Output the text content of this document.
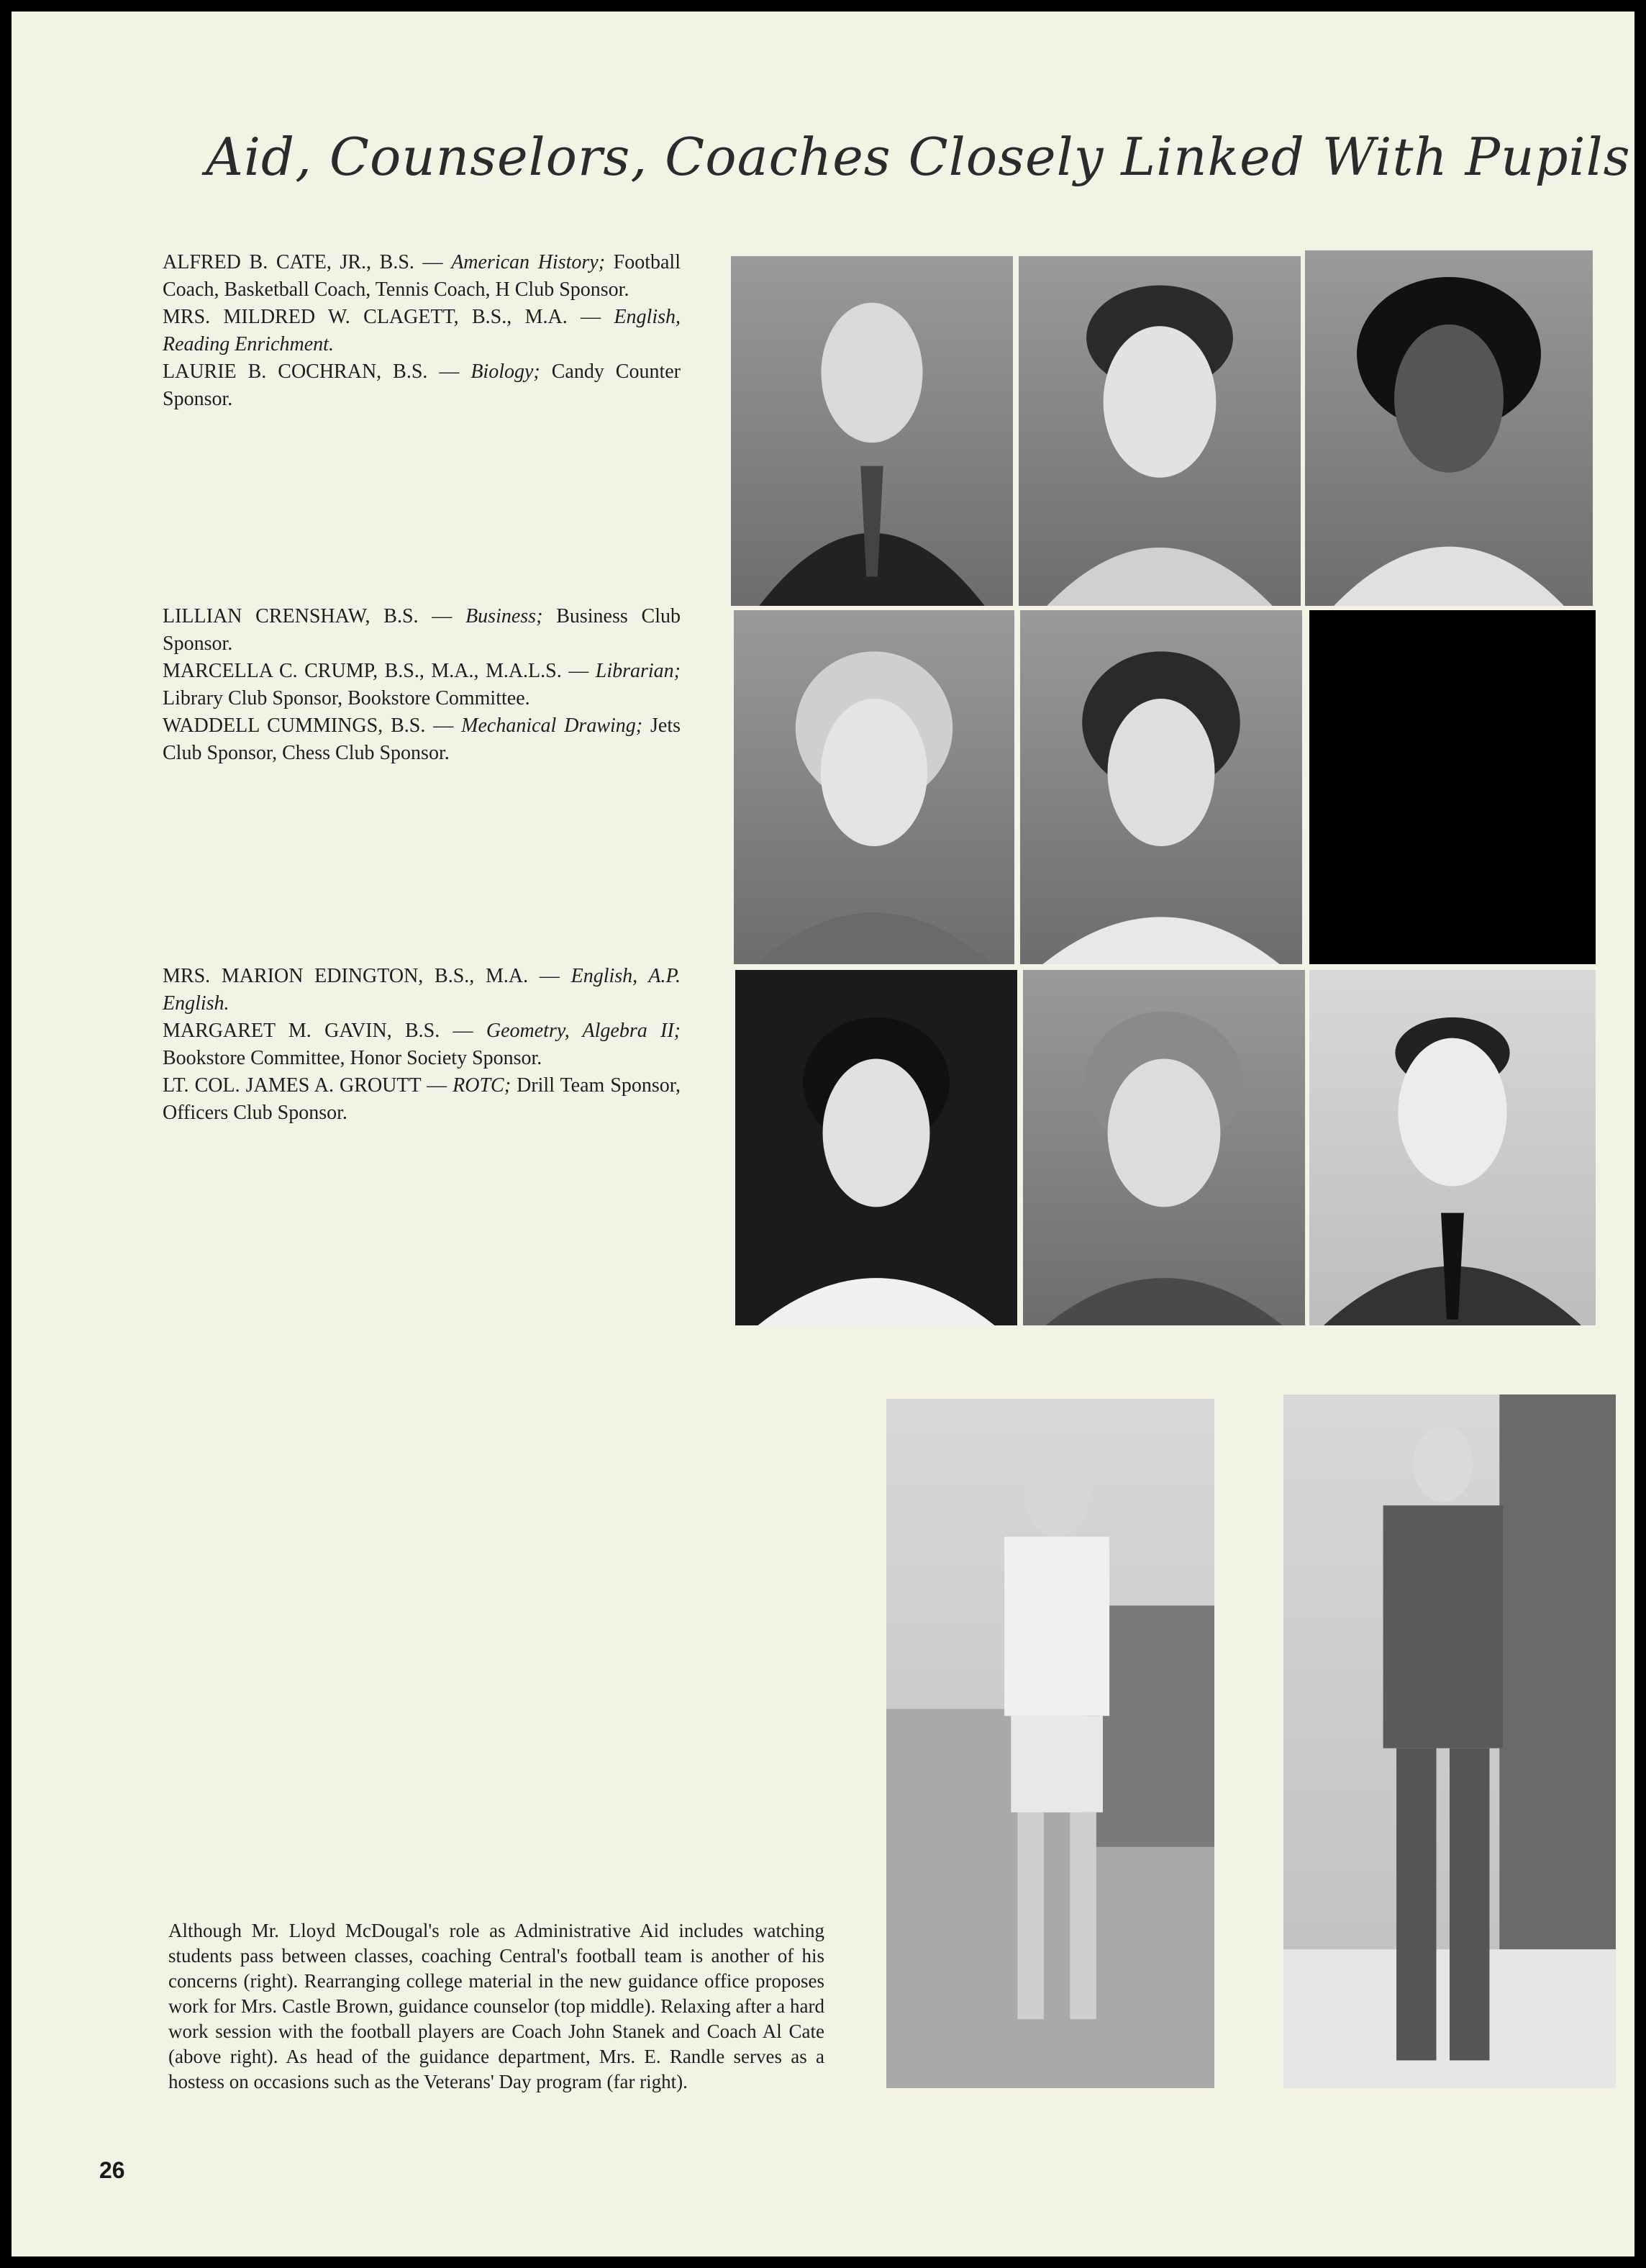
Aid, Counselors, Coaches Closely Linked With Pupils

ALFRED B. CATE, JR., B.S. — American History; Football Coach, Basketball Coach, Tennis Coach, H Club Sponsor.

MRS. MILDRED W. CLAGETT, B.S., M.A. — English, Reading Enrichment.

LAURIE B. COCHRAN, B.S. — Biology; Candy Counter Sponsor.

LILLIAN CRENSHAW, B.S. — Business; Business Club Sponsor.

MARCELLA C. CRUMP, B.S., M.A., M.A.L.S. — Librarian; Library Club Sponsor, Bookstore Committee.

WADDELL CUMMINGS, B.S. — Mechanical Drawing; Jets Club Sponsor, Chess Club Sponsor.

MRS. MARION EDINGTON, B.S., M.A. — English, A.P. English.

MARGARET M. GAVIN, B.S. — Geometry, Algebra II; Bookstore Committee, Honor Society Sponsor.

LT. COL. JAMES A. GROUTT — ROTC; Drill Team Sponsor, Officers Club Sponsor.

Although Mr. Lloyd McDougal's role as Administrative Aid includes watching students pass between classes, coaching Central's football team is another of his concerns (right). Rearranging college material in the new guidance office proposes work for Mrs. Castle Brown, guidance counselor (top middle). Relaxing after a hard work session with the football players are Coach John Stanek and Coach Al Cate (above right). As head of the guidance department, Mrs. E. Randle serves as a hostess on occasions such as the Veterans' Day program (far right).
26
